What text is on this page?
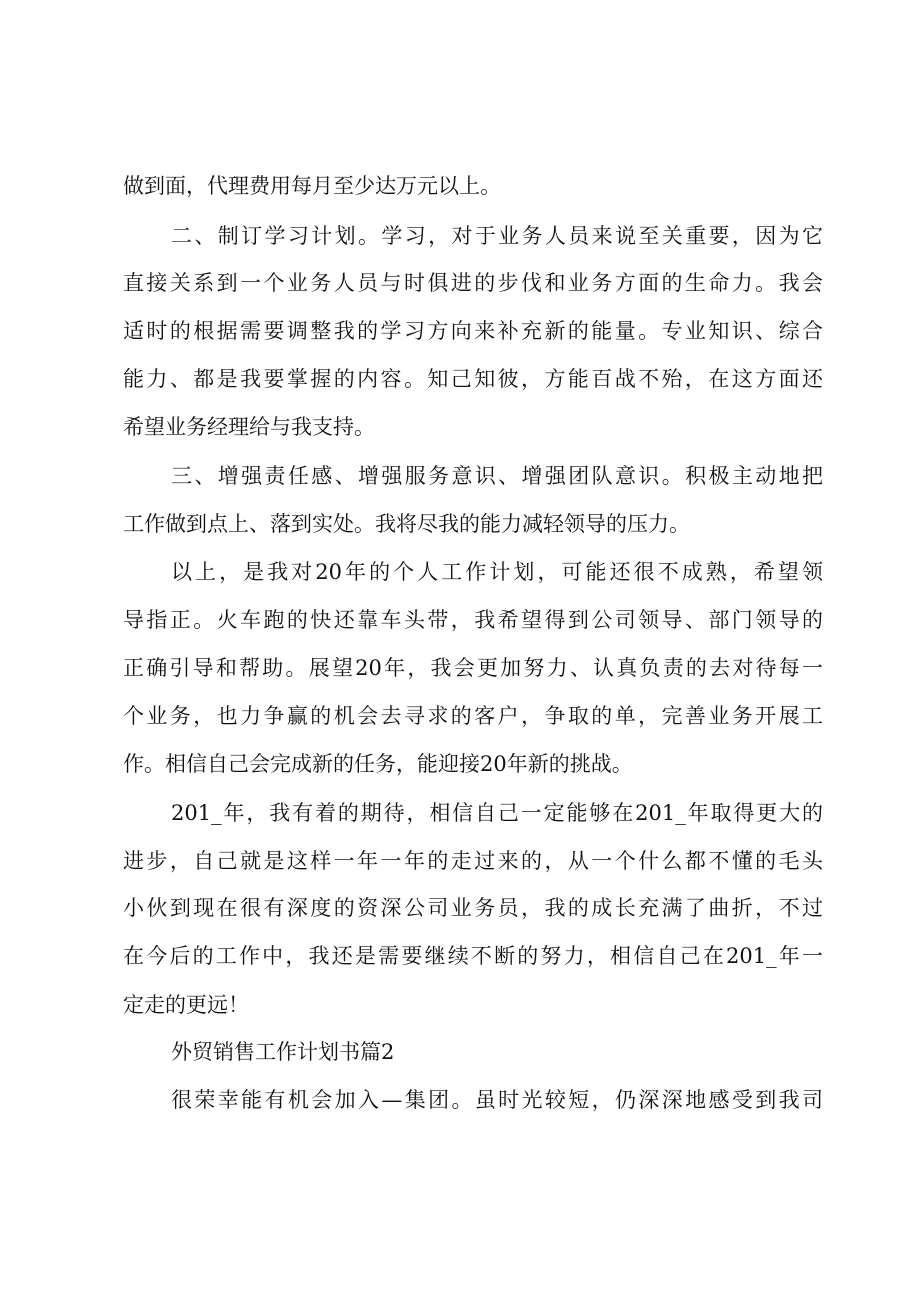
做到面，代理费用每月至少达万元以上。
二、制订学习计划。学习，对于业务人员来说至关重要，因为它
直接关系到一个业务人员与时俱进的步伐和业务方面的生命力。我会
适时的根据需要调整我的学习方向来补充新的能量。专业知识、综合
能力、都是我要掌握的内容。知己知彼，方能百战不殆，在这方面还
希望业务经理给与我支持。
三、增强责任感、增强服务意识、增强团队意识。积极主动地把
工作做到点上、落到实处。我将尽我的能力减轻领导的压力。
以上，是我对20年的个人工作计划，可能还很不成熟，希望领
导指正。火车跑的快还靠车头带，我希望得到公司领导、部门领导的
正确引导和帮助。展望20年，我会更加努力、认真负责的去对待每一
个业务，也力争赢的机会去寻求的客户，争取的单，完善业务开展工
作。相信自己会完成新的任务，能迎接20年新的挑战。
201_年，我有着的期待，相信自己一定能够在201_年取得更大的
进步，自己就是这样一年一年的走过来的，从一个什么都不懂的毛头
小伙到现在很有深度的资深公司业务员，我的成长充满了曲折，不过
在今后的工作中，我还是需要继续不断的努力，相信自己在201_年一
定走的更远！
外贸销售工作计划书篇2
很荣幸能有机会加入—集团。虽时光较短，仍深深地感受到我司
